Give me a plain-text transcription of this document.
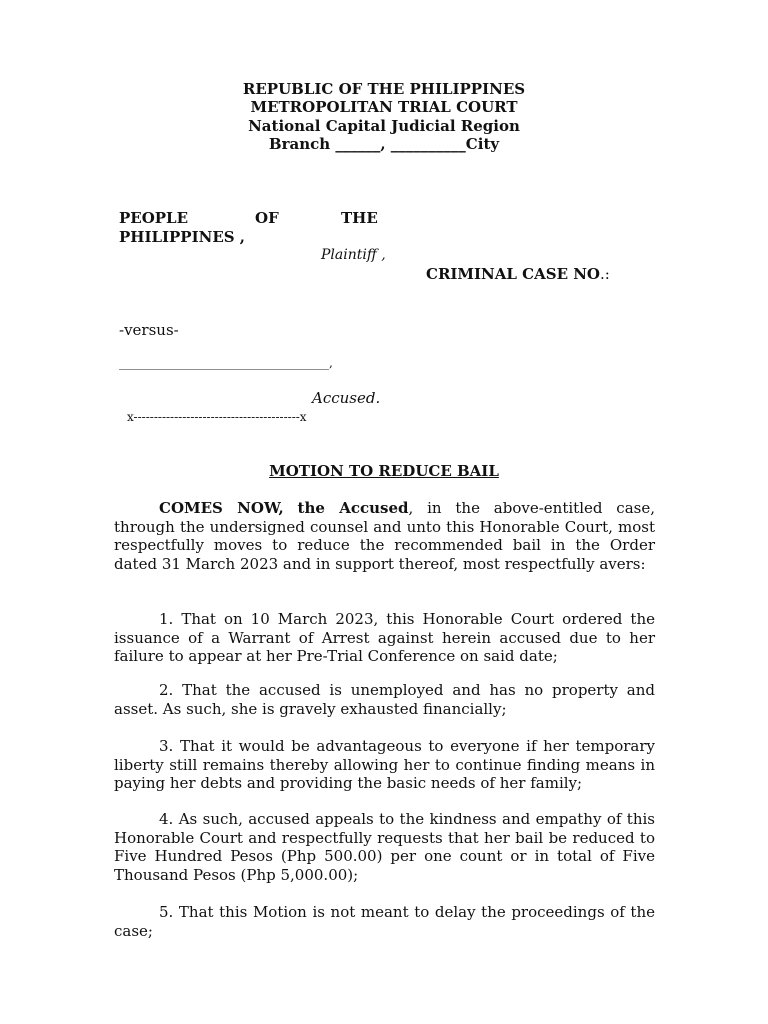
REPUBLIC OF THE PHILIPPINES
METROPOLITAN TRIAL COURT
National Capital Judicial Region
Branch ______, __________City
PEOPLE	OF	THE
PHILIPPINES ,
Plaintiff ,
CRIMINAL CASE NO.:
-versus-
___________________________________,
Accused.
x-----------------------------------------x
MOTION TO REDUCE BAIL
COMES NOW, the Accused, in the above-entitled case, through the undersigned counsel and unto this Honorable Court, most respectfully moves to reduce the recommended bail in the Order dated 31 March 2023 and in support thereof, most respectfully avers:
1. That on 10 March 2023, this Honorable Court ordered the issuance of a Warrant of Arrest against herein accused due to her failure to appear at her Pre-Trial Conference on said date;
2. That the accused is unemployed and has no property and asset. As such, she is gravely exhausted financially;
3. That it would be advantageous to everyone if her temporary liberty still remains thereby allowing her to continue finding means in paying her debts and providing the basic needs of her family;
4. As such, accused appeals to the kindness and empathy of this Honorable Court and respectfully requests that her bail be reduced to Five Hundred Pesos (Php 500.00) per one count or in total of Five Thousand Pesos (Php 5,000.00);
5. That this Motion is not meant to delay the proceedings of the case;
